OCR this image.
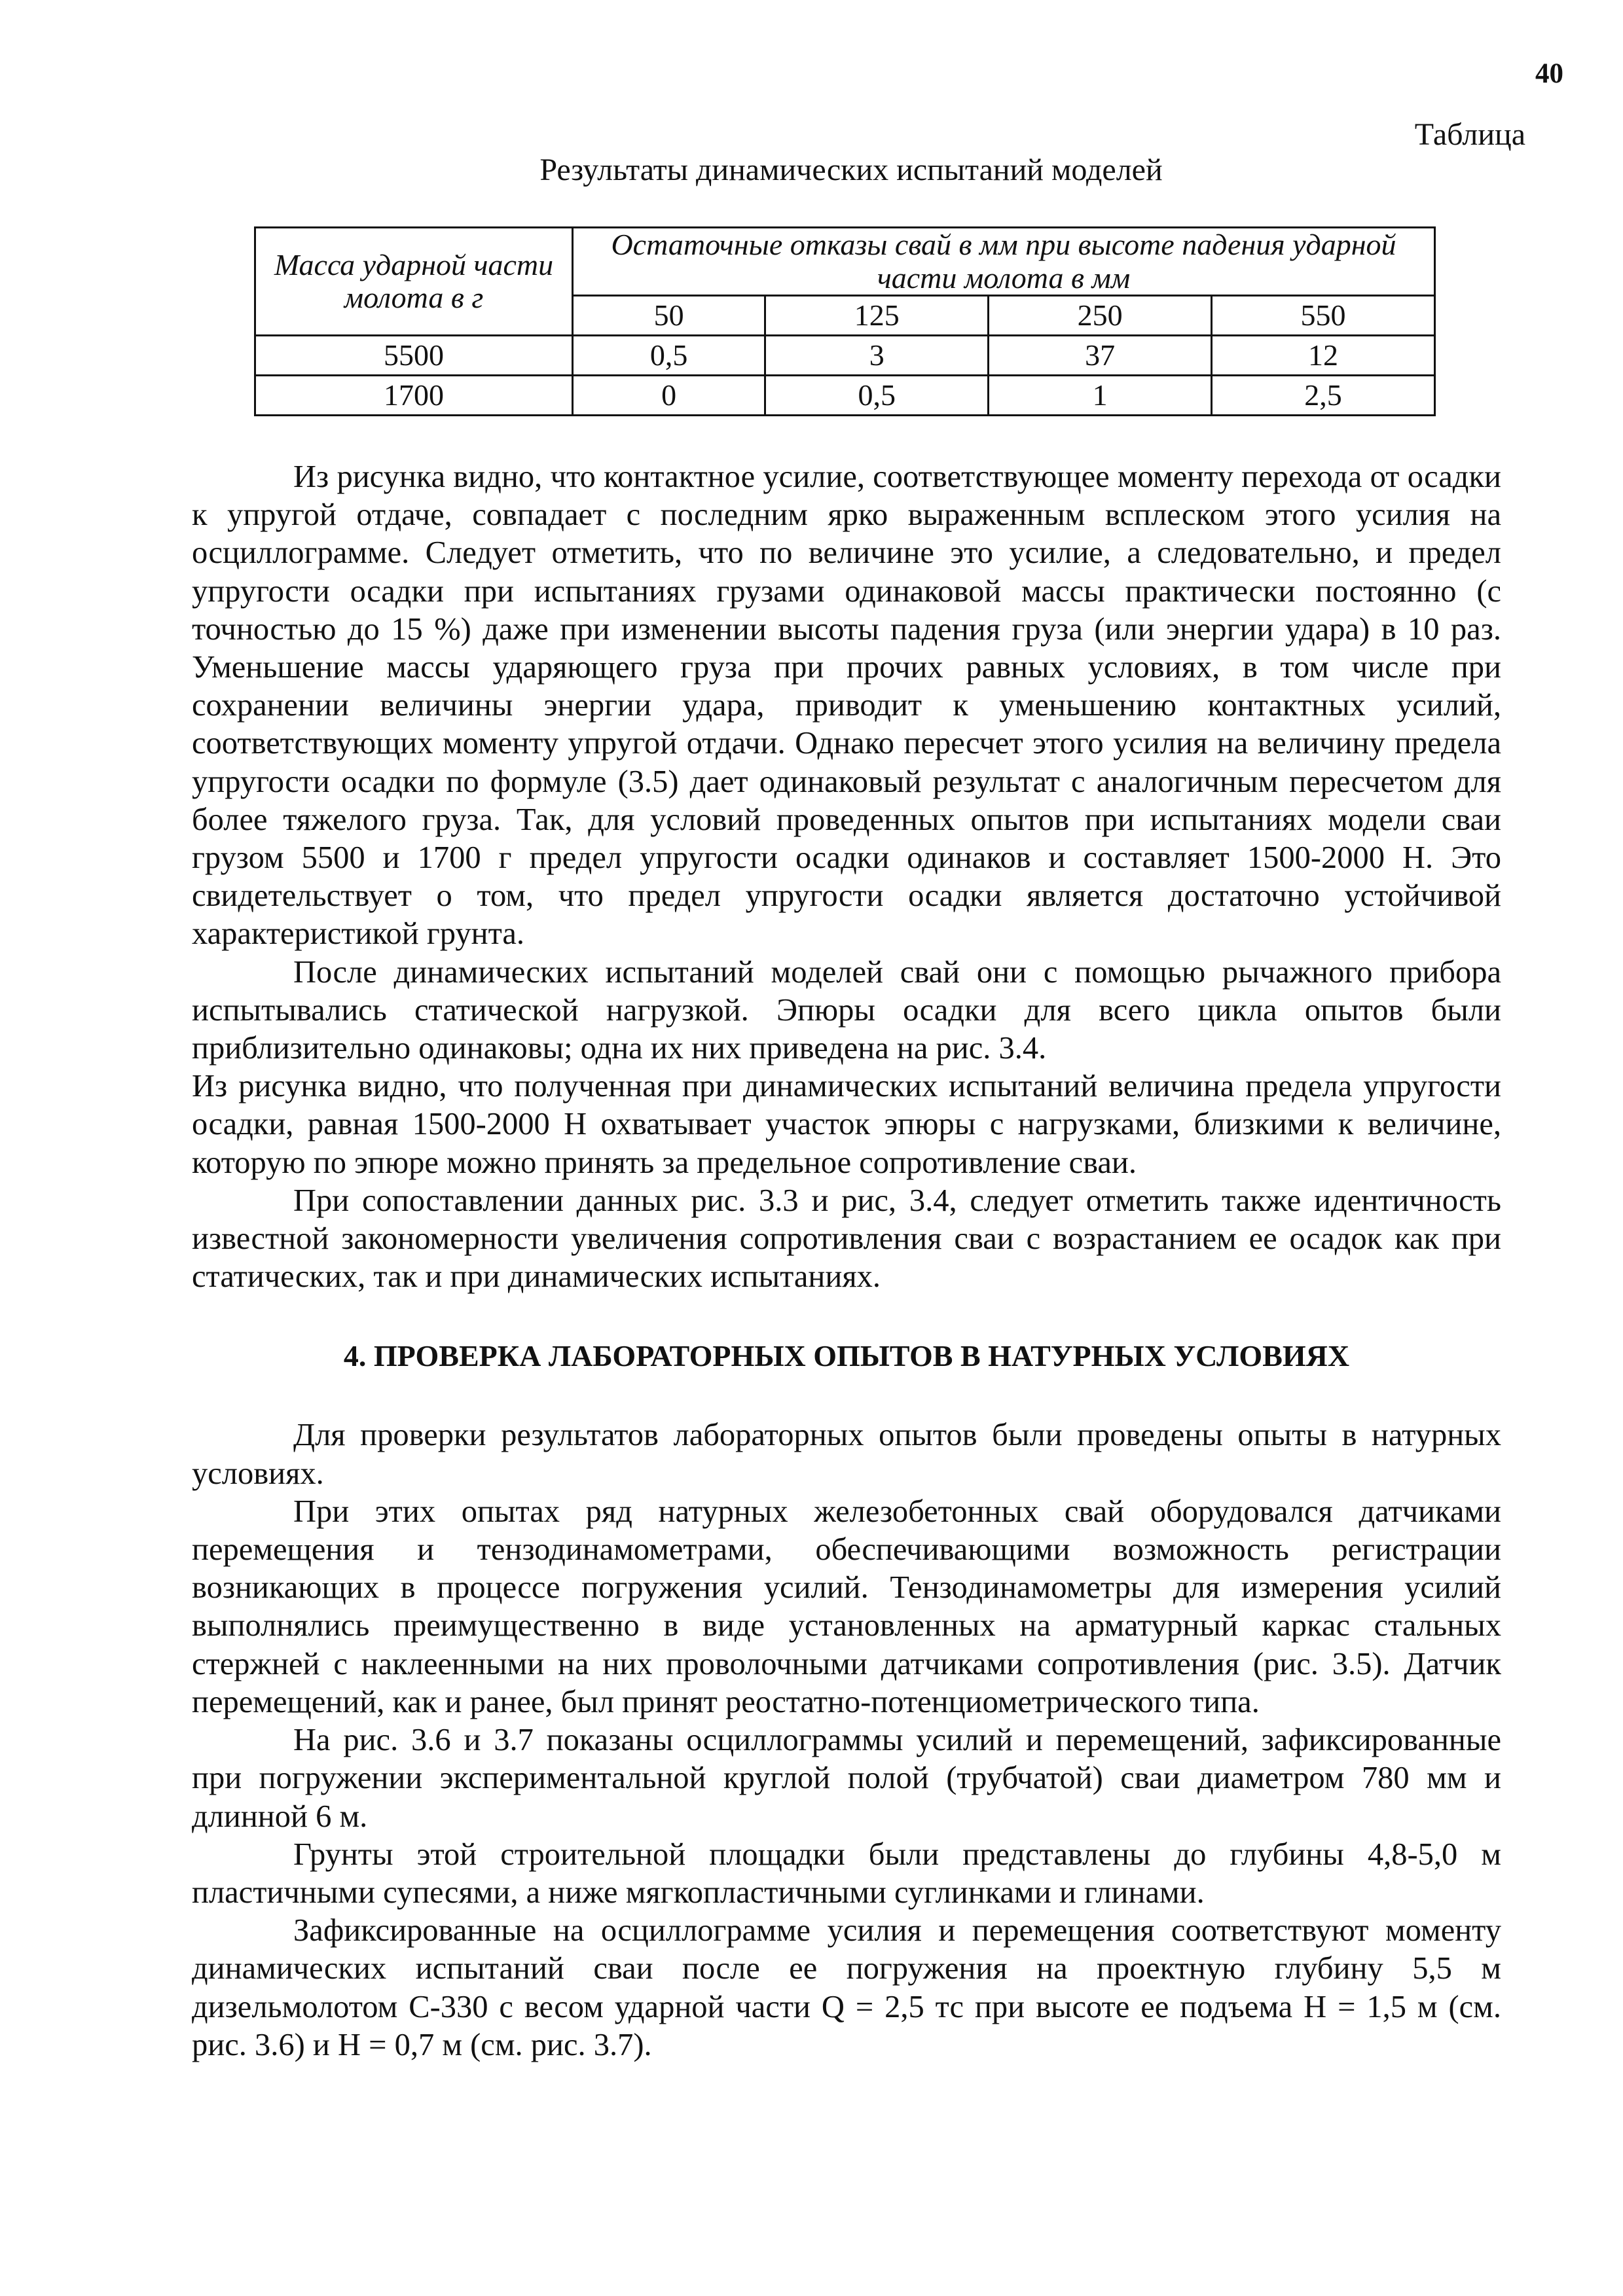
40
Таблица
Результаты динамических испытаний моделей
Масса ударной части молота в г	Остаточные отказы свай в мм при высоте падения ударной части молота в мм			
	50	125	250	550
5500	0,5	3	37	12
1700	0	0,5	1	2,5

Из рисунка видно, что контактное усилие, соответствующее моменту перехода от осадки к упругой отдаче, совпадает с последним ярко выраженным всплеском этого усилия на осциллограмме. Следует отметить, что по величине это усилие, а следовательно, и предел упругости осадки при испытаниях грузами одинаковой массы практически постоянно (с точностью до 15 %) даже при изменении высоты падения груза (или энергии удара) в 10 раз. Уменьшение массы ударяющего груза при прочих равных условиях, в том числе при сохранении величины энергии удара, приводит к уменьшению контактных усилий, соответствующих моменту упругой отдачи. Однако пересчет этого усилия на величину предела упругости осадки по формуле (3.5) дает одинаковый результат с аналогичным пересчетом для более тяжелого груза. Так, для условий проведенных опытов при испытаниях модели сваи грузом 5500 и 1700 г предел упругости осадки одинаков и составляет 1500-2000 Н. Это свидетельствует о том, что предел упругости осадки является достаточно устойчивой характеристикой грунта.

После динамических испытаний моделей свай они с помощью рычажного прибора испытывались статической нагрузкой. Эпюры осадки для всего цикла опытов были приблизительно одинаковы; одна их них приведена на рис. 3.4.

Из рисунка видно, что полученная при динамических испытаний величина предела упругости осадки, равная 1500-2000 Н охватывает участок эпюры с нагрузками, близкими к величине, которую по эпюре можно принять за предельное сопротивление сваи.

При сопоставлении данных рис. 3.3 и рис, 3.4, следует отметить также идентичность известной закономерности увеличения сопротивления сваи с возрастанием ее осадок как при статических, так и при динамических испытаниях.

4. ПРОВЕРКА ЛАБОРАТОРНЫХ ОПЫТОВ В НАТУРНЫХ УСЛОВИЯХ

Для проверки результатов лабораторных опытов были проведены опыты в натурных условиях.

При этих опытах ряд натурных железобетонных свай оборудовался датчиками перемещения и тензодинамометрами, обеспечивающими возможность регистрации возникающих в процессе погружения усилий. Тензодинамометры для измерения усилий выполнялись преимущественно в виде установленных на арматурный каркас стальных стержней с наклеенными на них проволочными датчиками сопротивления (рис. 3.5). Датчик перемещений, как и ранее, был принят реостатно-потенциометрического типа.

На рис. 3.6 и 3.7 показаны осциллограммы усилий и перемещений, зафиксированные при погружении экспериментальной круглой полой (трубчатой) сваи диаметром 780 мм и длинной 6 м.

Грунты этой строительной площадки были представлены до глубины 4,8-5,0 м пластичными супесями, а ниже мягкопластичными суглинками и глинами.

Зафиксированные на осциллограмме усилия и перемещения соответствуют моменту динамических испытаний сваи после ее погружения на проектную глубину 5,5 м дизельмолотом С-330 с весом ударной части Q = 2,5 тс при высоте ее подъема H = 1,5 м (см. рис. 3.6) и H = 0,7 м (см. рис. 3.7).
